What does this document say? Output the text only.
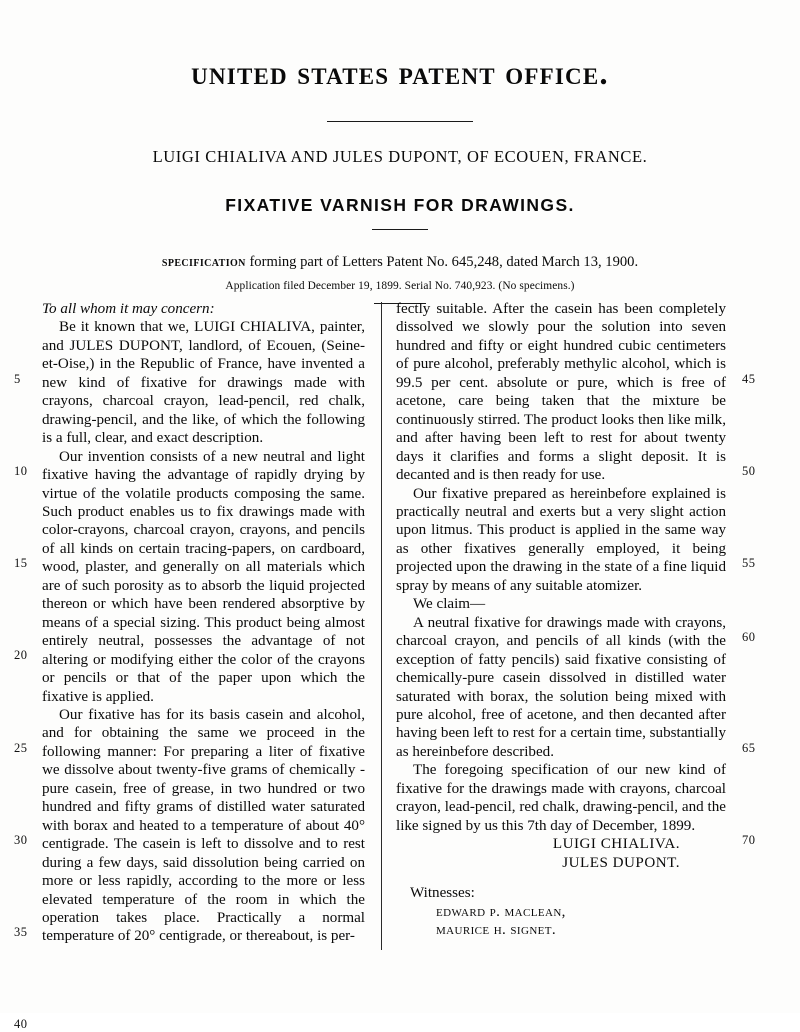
united states patent office.
LUIGI CHIALIVA AND JULES DUPONT, OF ECOUEN, FRANCE.
FIXATIVE VARNISH FOR DRAWINGS.
specification forming part of Letters Patent No. 645,248, dated March 13, 1900.
Application filed December 19, 1899. Serial No. 740,923. (No specimens.)
5
10
15
20
25
30
35
40
45
50
55
60
65
70

To all whom it may concern:

Be it known that we, LUIGI CHIALIVA, painter, and JULES DUPONT, landlord, of Ecouen, (Seine-et-Oise,) in the Republic of France, have invented a new kind of fixative for drawings made with crayons, charcoal crayon, lead-pencil, red chalk, drawing-pencil, and the like, of which the following is a full, clear, and exact description.

Our invention consists of a new neutral and light fixative having the advantage of rapidly drying by virtue of the volatile products composing the same. Such product enables us to fix drawings made with color-crayons, charcoal crayon, crayons, and pencils of all kinds on certain tracing-papers, on cardboard, wood, plaster, and generally on all materials which are of such porosity as to absorb the liquid projected thereon or which have been rendered absorptive by means of a special sizing. This product being almost entirely neutral, possesses the advantage of not altering or modifying either the color of the crayons or pencils or that of the paper upon which the fixative is applied.

Our fixative has for its basis casein and alcohol, and for obtaining the same we proceed in the following manner: For preparing a liter of fixative we dissolve about twenty-five grams of chemically - pure casein, free of grease, in two hundred or two hundred and fifty grams of distilled water saturated with borax and heated to a temperature of about 40° centigrade. The casein is left to dissolve and to rest during a few days, said dissolution being carried on more or less rapidly, according to the more or less elevated temperature of the room in which the operation takes place. Practically a normal temperature of 20° centigrade, or thereabout, is per-

fectly suitable. After the casein has been completely dissolved we slowly pour the solution into seven hundred and fifty or eight hundred cubic centimeters of pure alcohol, preferably methylic alcohol, which is 99.5 per cent. absolute or pure, which is free of acetone, care being taken that the mixture be continuously stirred. The product looks then like milk, and after having been left to rest for about twenty days it clarifies and forms a slight deposit. It is decanted and is then ready for use.

Our fixative prepared as hereinbefore explained is practically neutral and exerts but a very slight action upon litmus. This product is applied in the same way as other fixatives generally employed, it being projected upon the drawing in the state of a fine liquid spray by means of any suitable atomizer.

We claim—

A neutral fixative for drawings made with crayons, charcoal crayon, and pencils of all kinds (with the exception of fatty pencils) said fixative consisting of chemically-pure casein dissolved in distilled water saturated with borax, the solution being mixed with pure alcohol, free of acetone, and then decanted after having been left to rest for a certain time, substantially as hereinbefore described.

The foregoing specification of our new kind of fixative for the drawings made with crayons, charcoal crayon, lead-pencil, red chalk, drawing-pencil, and the like signed by us this 7th day of December, 1899.

LUIGI CHIALIVA.
JULES DUPONT.
Witnesses:
edward p. maclean,
maurice h. signet.
